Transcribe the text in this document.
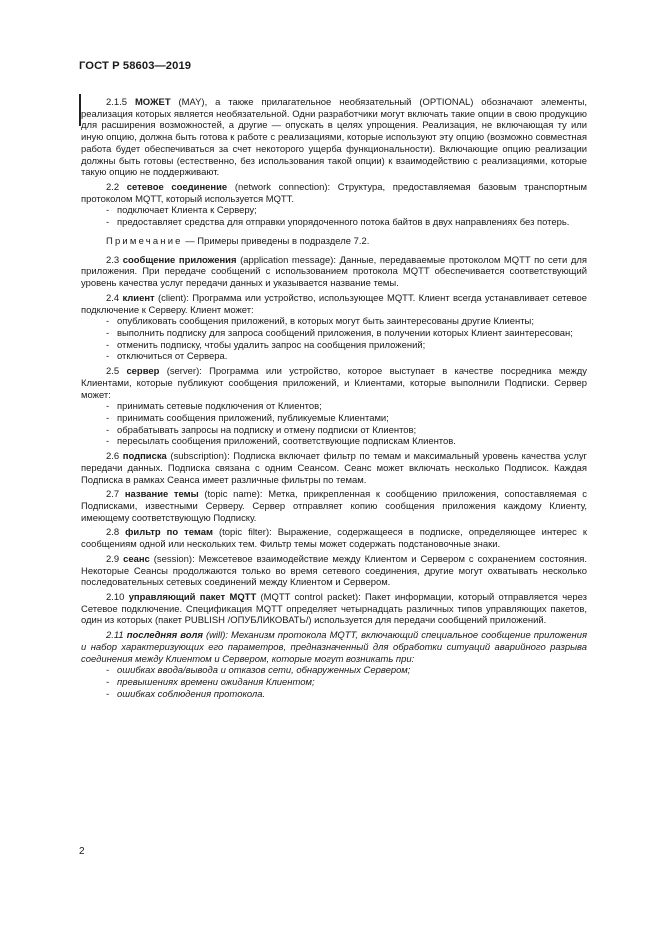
ГОСТ Р 58603—2019

2.1.5 МОЖЕТ (MAY), а также прилагательное необязательный (OPTIONAL) обозначают элементы, реализация которых является необязательной. Одни разработчики могут включать такие опции в свою продукцию для расширения возможностей, а другие — опускать в целях упрощения. Реализация, не включающая ту или иную опцию, должна быть готова к работе с реализациями, которые используют эту опцию (возможно совместная работа будет обеспечиваться за счет некоторого ущерба функциональности). Включающие опцию реализации должны быть готовы (естественно, без использования такой опции) к взаимодействию с реализациями, которые такую опцию не поддерживают.

2.2 сетевое соединение (network connection): Структура, предоставляемая базовым транспортным протоколом MQTT, который используется MQTT.

- подключает Клиента к Серверу;
- предоставляет средства для отправки упорядоченного потока байтов в двух направлениях без потерь.

Примечание — Примеры приведены в подразделе 7.2.

2.3 сообщение приложения (application message): Данные, передаваемые протоколом MQTT по сети для приложения. При передаче сообщений с использованием протокола MQTT обеспечивается соответствующий уровень качества услуг передачи данных и указывается название темы.

2.4 клиент (client): Программа или устройство, использующее MQTT. Клиент всегда устанавливает сетевое подключение к Серверу. Клиент может:

- опубликовать сообщения приложений, в которых могут быть заинтересованы другие Клиенты;
- выполнить подписку для запроса сообщений приложения, в получении которых Клиент заинтересован;
- отменить подписку, чтобы удалить запрос на сообщения приложений;
- отключиться от Сервера.

2.5 сервер (server): Программа или устройство, которое выступает в качестве посредника между Клиентами, которые публикуют сообщения приложений, и Клиентами, которые выполнили Подписки. Сервер может:

- принимать сетевые подключения от Клиентов;
- принимать сообщения приложений, публикуемые Клиентами;
- обрабатывать запросы на подписку и отмену подписки от Клиентов;
- пересылать сообщения приложений, соответствующие подпискам Клиентов.

2.6 подписка (subscription): Подписка включает фильтр по темам и максимальный уровень качества услуг передачи данных. Подписка связана с одним Сеансом. Сеанс может включать несколько Подписок. Каждая Подписка в рамках Сеанса имеет различные фильтры по темам.

2.7 название темы (topic name): Метка, прикрепленная к сообщению приложения, сопоставляемая с Подписками, известными Серверу. Сервер отправляет копию сообщения приложения каждому Клиенту, имеющему соответствующую Подписку.

2.8 фильтр по темам (topic filter): Выражение, содержащееся в подписке, определяющее интерес к сообщениям одной или нескольких тем. Фильтр темы может содержать подстановочные знаки.

2.9 сеанс (session): Межсетевое взаимодействие между Клиентом и Сервером с сохранением состояния. Некоторые Сеансы продолжаются только во время сетевого соединения, другие могут охватывать несколько последовательных сетевых соединений между Клиентом и Сервером.

2.10 управляющий пакет MQTT (MQTT control packet): Пакет информации, который отправляется через Сетевое подключение. Спецификация MQTT определяет четырнадцать различных типов управляющих пакетов, один из которых (пакет PUBLISH /ОПУБЛИКОВАТЬ/) используется для передачи сообщений приложений.

2.11 последняя воля (will): Механизм протокола MQTT, включающий специальное сообщение приложения и набор характеризующих его параметров, предназначенный для обработки ситуаций аварийного разрыва соединения между Клиентом и Сервером, которые могут возникать при:

- ошибках ввода/вывода и отказов сети, обнаруженных Сервером;
- превышениях времени ожидания Клиентом;
- ошибках соблюдения протокола.
2
